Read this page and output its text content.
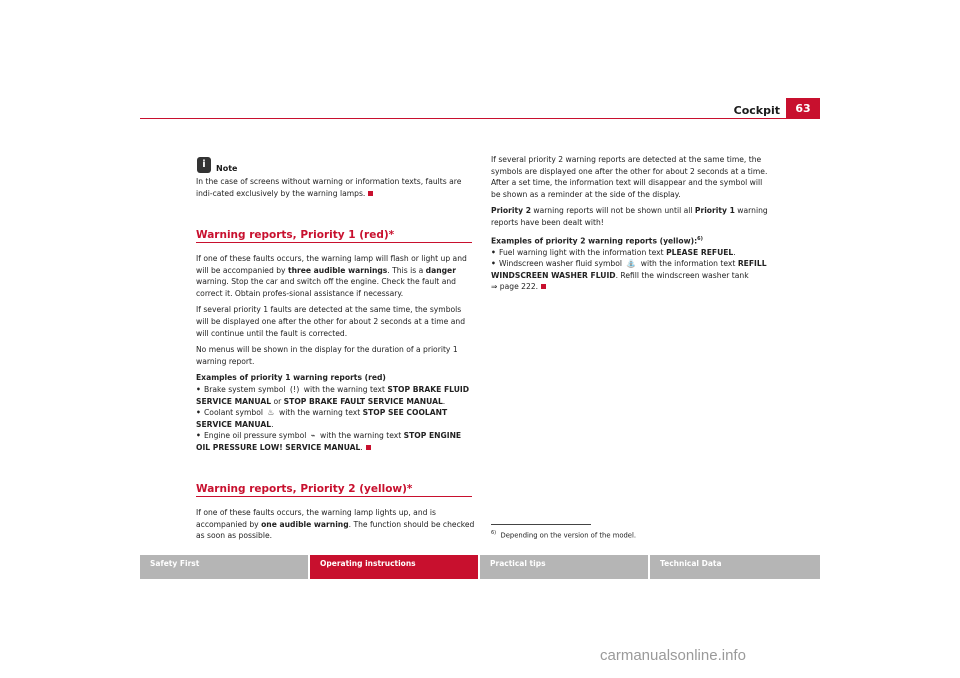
Cockpit	63
i	Note

In the case of screens without warning or information texts, faults are indi-cated exclusively by the warning lamps.

Warning reports, Priority 1 (red)*

If one of these faults occurs, the warning lamp will flash or light up and will be accompanied by three audible warnings. This is a danger warning. Stop the car and switch off the engine. Check the fault and correct it. Obtain profes-sional assistance if necessary.

If several priority 1 faults are detected at the same time, the symbols will be displayed one after the other for about 2 seconds at a time and will continue until the fault is corrected.

No menus will be shown in the display for the duration of a priority 1 warning report.

Examples of priority 1 warning reports (red)
• Brake system symbol (!) with the warning text STOP BRAKE FLUID SERVICE MANUAL or STOP BRAKE FAULT SERVICE MANUAL.
• Coolant symbol ♨ with the warning text STOP SEE COOLANT SERVICE MANUAL.
• Engine oil pressure symbol ⌁ with the warning text STOP ENGINE OIL PRESSURE LOW! SERVICE MANUAL.
Warning reports, Priority 2 (yellow)*

If one of these faults occurs, the warning lamp lights up, and is accompanied by one audible warning. The function should be checked as soon as possible.

If several priority 2 warning reports are detected at the same time, the symbols are displayed one after the other for about 2 seconds at a time. After a set time, the information text will disappear and the symbol will be shown as a reminder at the side of the display.

Priority 2 warning reports will not be shown until all Priority 1 warning reports have been dealt with!

Examples of priority 2 warning reports (yellow):$^{6)}$
• Fuel warning light with the information text PLEASE REFUEL.
• Windscreen washer fluid symbol ⛲ with the information text REFILL WINDSCREEN WASHER FLUID. Refill the windscreen washer tank
⇒ page 222.
$^{6)}$ Depending on the version of the model.
Safety First	Operating instructions	Practical tips	Technical Data
carmanualsonline.info
